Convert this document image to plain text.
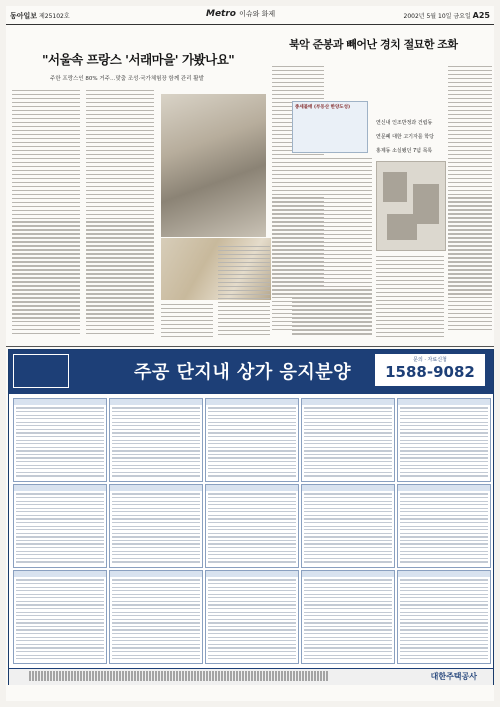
동아일보 제25102호	Metro 이슈와 화제	2002년 5월 10일 금요일 A25
"서울속 프랑스 '서래마을' 가봤나요"
주한 프랑스인 80% 거주…맞춤 조성·국가체험장 함께 관리 활발
북악 준봉과 빼어난 경치 절묘한 조화
종세불매 (부동산 한양도성)
연신내 인조반정과 건립동
연문폐 대한 고기자를 학당
홍제동 소실됐던 7념 목록
주공 단지내 상가 응지분양
문의 · 자료신청
1588-9082
대한주택공사
